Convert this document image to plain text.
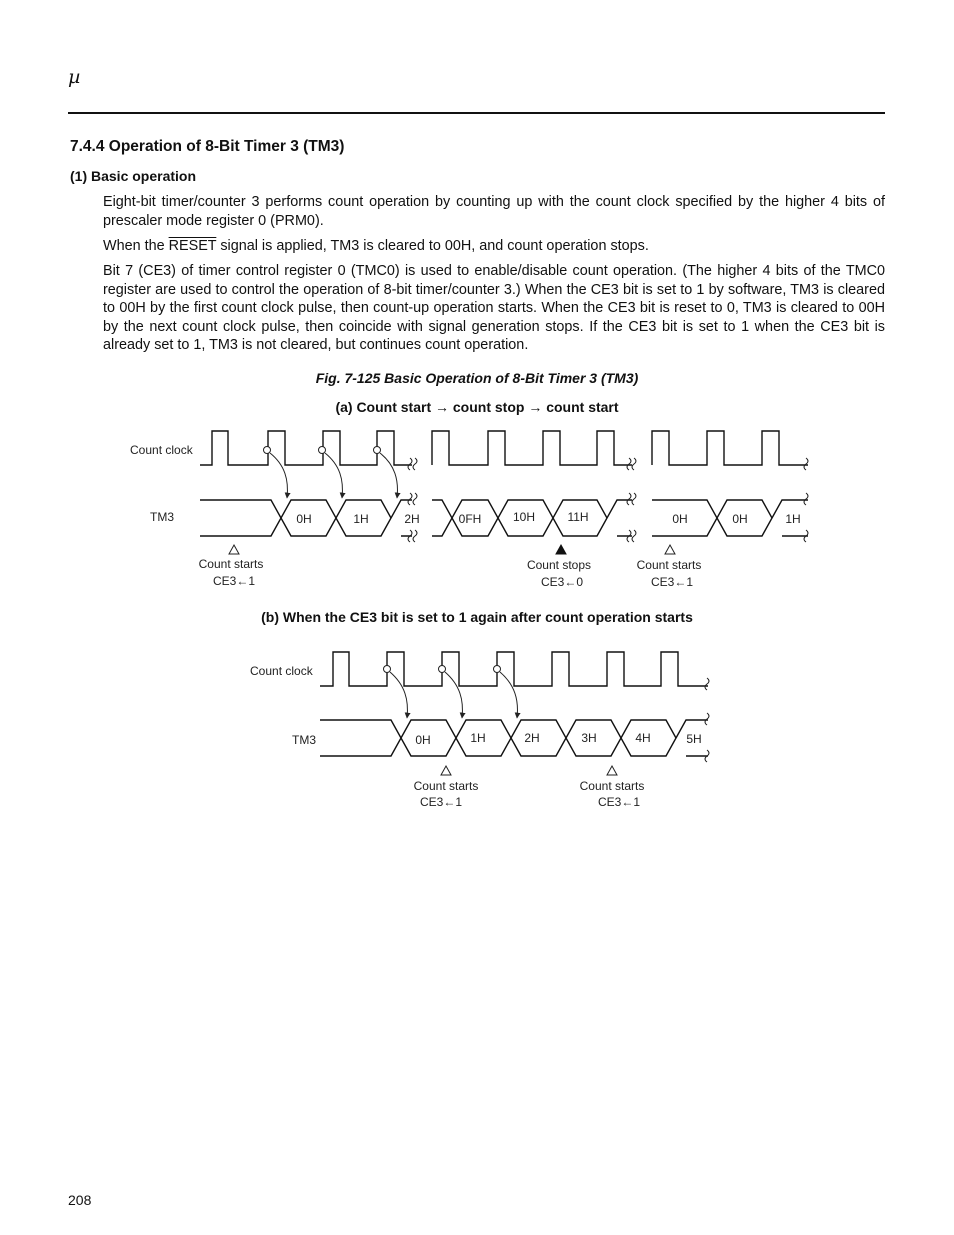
µ
7.4.4 Operation of 8-Bit Timer 3 (TM3)
(1) Basic operation

Eight-bit timer/counter 3 performs count operation by counting up with the count clock specified by the higher 4 bits of prescaler mode register 0 (PRM0).

When the RESET signal is applied, TM3 is cleared to 00H, and count operation stops.

Bit 7 (CE3) of timer control register 0 (TMC0) is used to enable/disable count operation. (The higher 4 bits of the TMC0 register are used to control the operation of 8-bit timer/counter 3.) When the CE3 bit is set to 1 by software, TM3 is cleared to 00H by the first count clock pulse, then count-up operation starts. When the CE3 bit is reset to 0, TM3 is cleared to 00H by the next count clock pulse, then coincide with signal generation stops. If the CE3 bit is set to 1 when the CE3 bit is already set to 1, TM3 is not cleared, but continues count operation.

Fig. 7-125 Basic Operation of 8-Bit Timer 3 (TM3)
(a) Count start → count stop → count start
Count clock
TM3	0H	1H	2H	0FH	10H	11H	0H	0H	1H
Count starts
CE3←1
Count stops
CE3←0
Count starts
CE3←1
(b) When the CE3 bit is set to 1 again after count operation starts
Count clock
TM3	0H	1H	2H	3H	4H	5H
Count starts
CE3←1
Count starts
CE3←1
208
